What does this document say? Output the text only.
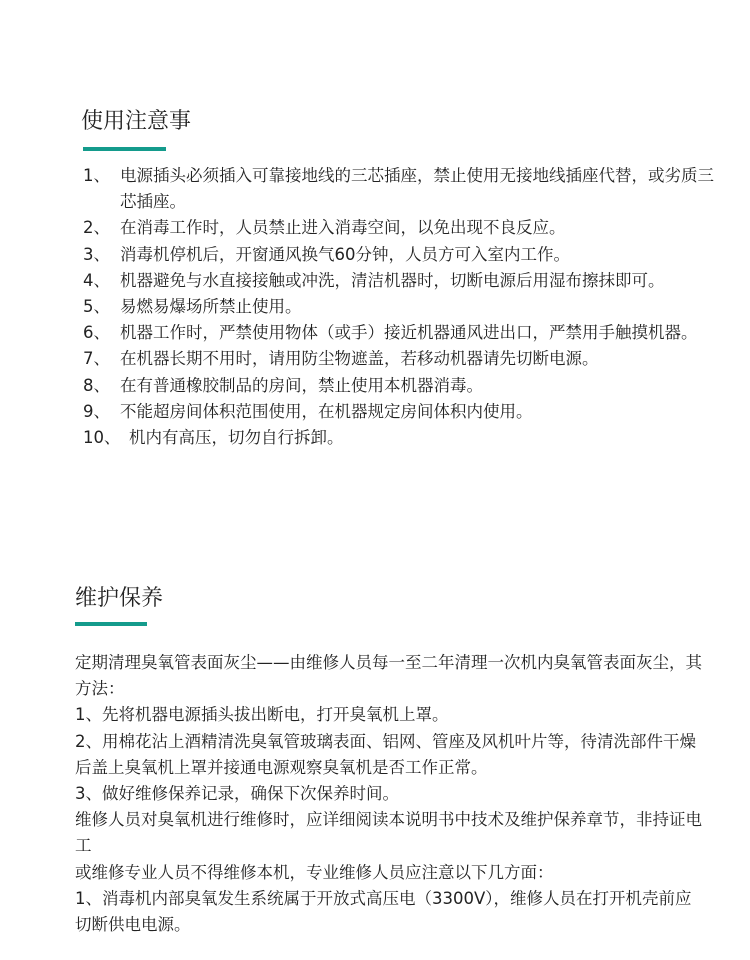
使用注意事
1、 电源插头必须插入可靠接地线的三芯插座，禁止使用无接地线插座代替，或劣质三芯插座。
2、 在消毒工作时，人员禁止进入消毒空间，以免出现不良反应。
3、 消毒机停机后，开窗通风换气60分钟，人员方可入室内工作。
4、 机器避免与水直接接触或冲洗，清洁机器时，切断电源后用湿布擦抹即可。
5、 易燃易爆场所禁止使用。
6、 机器工作时，严禁使用物体（或手）接近机器通风进出口，严禁用手触摸机器。
7、 在机器长期不用时，请用防尘物遮盖，若移动机器请先切断电源。
8、 在有普通橡胶制品的房间，禁止使用本机器消毒。
9、 不能超房间体积范围使用，在机器规定房间体积内使用。
10、 机内有高压，切勿自行拆卸。
维护保养
定期清理臭氧管表面灰尘——由维修人员每一至二年清理一次机内臭氧管表面灰尘，其方法：
1、先将机器电源插头拔出断电，打开臭氧机上罩。
2、用棉花沾上酒精清洗臭氧管玻璃表面、铝网、管座及风机叶片等，待清洗部件干燥后盖上臭氧机上罩并接通电源观察臭氧机是否工作正常。
3、做好维修保养记录，确保下次保养时间。
维修人员对臭氧机进行维修时，应详细阅读本说明书中技术及维护保养章节，非持证电工
或维修专业人员不得维修本机，专业维修人员应注意以下几方面：
1、消毒机内部臭氧发生系统属于开放式高压电（3300V），维修人员在打开机壳前应切断供电电源。
